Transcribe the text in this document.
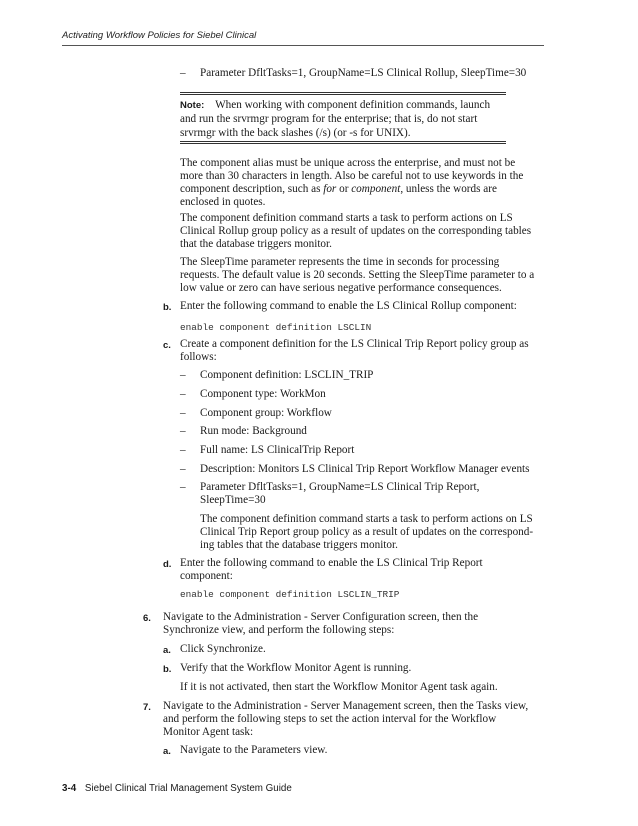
Activating Workflow Policies for Siebel Clinical
– Parameter DfltTasks=1, GroupName=LS Clinical Rollup, SleepTime=30
Note: When working with component definition commands, launch
and run the srvrmgr program for the enterprise; that is, do not start
srvrmgr with the back slashes (/s) (or -s for UNIX).
The component alias must be unique across the enterprise, and must not be
more than 30 characters in length. Also be careful not to use keywords in the
component description, such as for or component, unless the words are
enclosed in quotes.
The component definition command starts a task to perform actions on LS
Clinical Rollup group policy as a result of updates on the corresponding tables
that the database triggers monitor.
The SleepTime parameter represents the time in seconds for processing
requests. The default value is 20 seconds. Setting the SleepTime parameter to a
low value or zero can have serious negative performance consequences.
b. Enter the following command to enable the LS Clinical Rollup component:
enable component definition LSCLIN
c. Create a component definition for the LS Clinical Trip Report policy group as
follows:
– Component definition: LSCLIN_TRIP
– Component type: WorkMon
– Component group: Workflow
– Run mode: Background
– Full name: LS ClinicalTrip Report
– Description: Monitors LS Clinical Trip Report Workflow Manager events
– Parameter DfltTasks=1, GroupName=LS Clinical Trip Report,
SleepTime=30
The component definition command starts a task to perform actions on LS
Clinical Trip Report group policy as a result of updates on the correspond-
ing tables that the database triggers monitor.
d. Enter the following command to enable the LS Clinical Trip Report
component:
enable component definition LSCLIN_TRIP
6. Navigate to the Administration - Server Configuration screen, then the
Synchronize view, and perform the following steps:
a. Click Synchronize.
b. Verify that the Workflow Monitor Agent is running.
If it is not activated, then start the Workflow Monitor Agent task again.
7. Navigate to the Administration - Server Management screen, then the Tasks view,
and perform the following steps to set the action interval for the Workflow
Monitor Agent task:
a. Navigate to the Parameters view.
3-4 Siebel Clinical Trial Management System Guide
